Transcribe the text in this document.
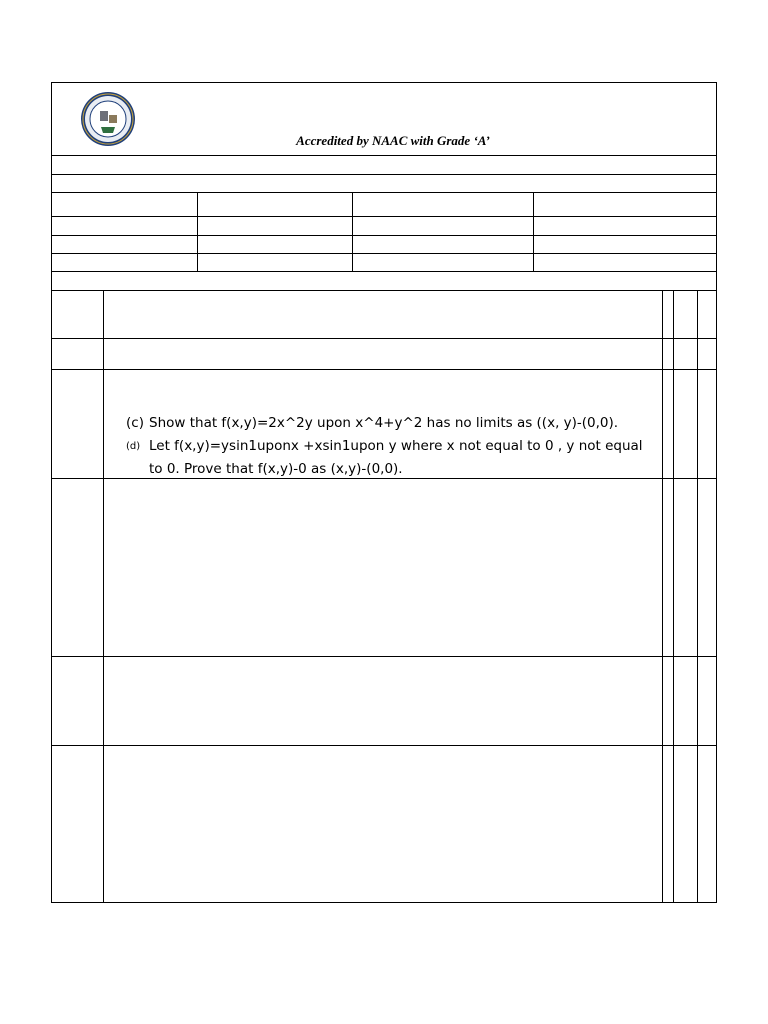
Accredited by NAAC with Grade ‘A’
(c) Show that f(x,y)=2x^2y upon x^4+y^2 has no limits as ((x, y)-(0,0).
(d) Let f(x,y)=ysin1uponx +xsin1upon y where x not equal to 0 , y not equal
to 0. Prove that f(x,y)-0 as (x,y)-(0,0).
